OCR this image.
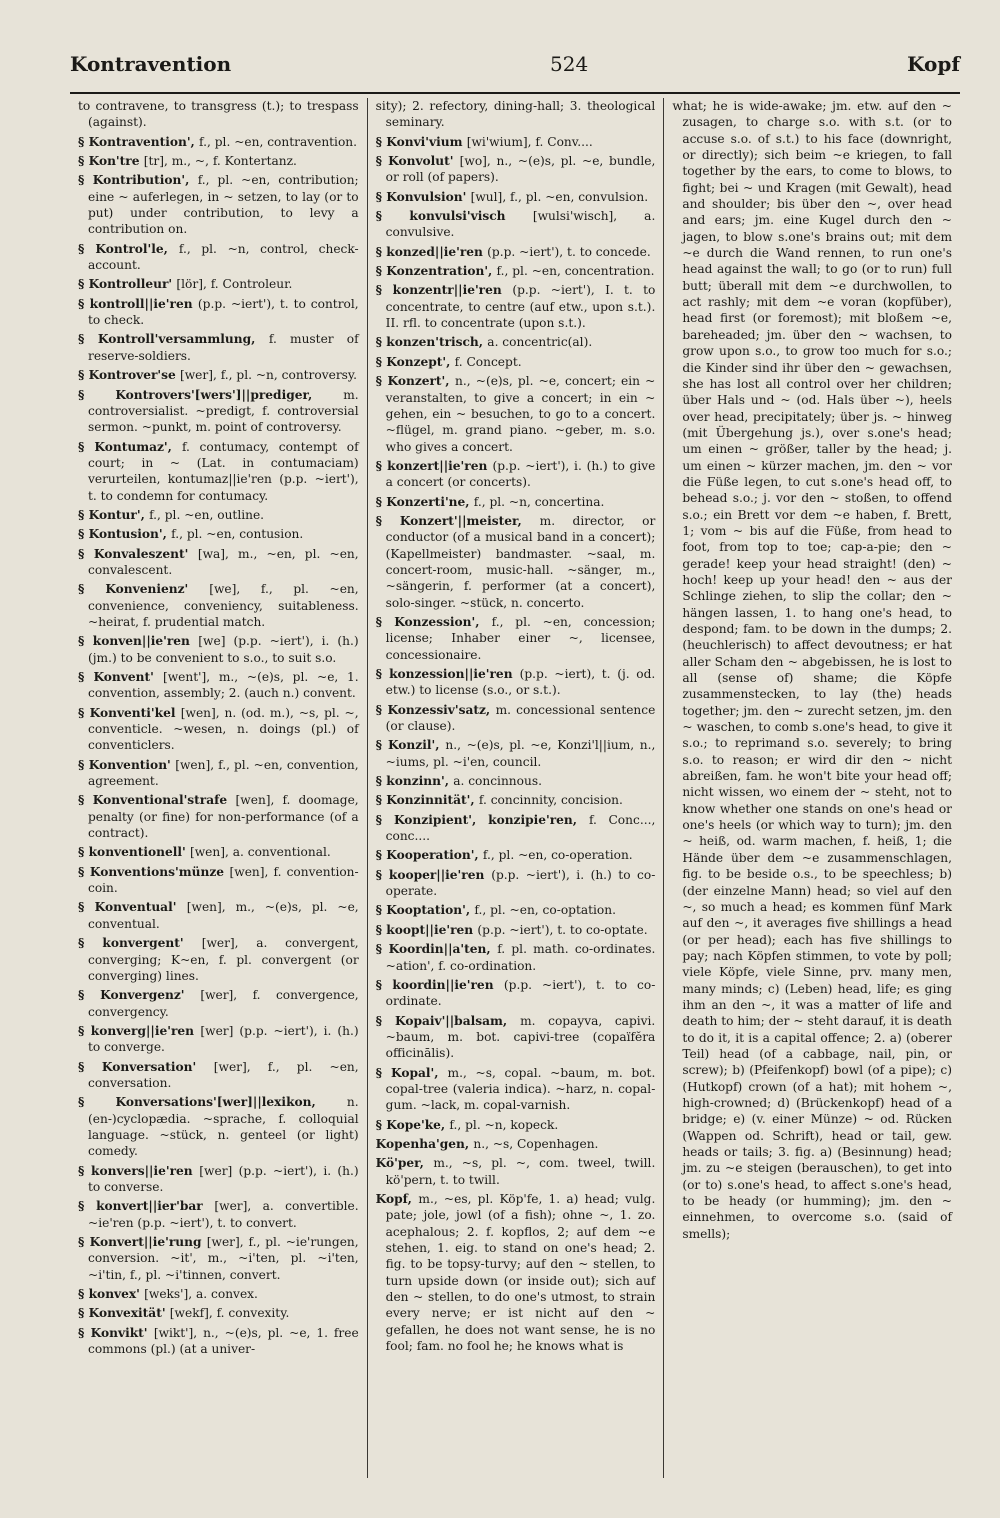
Kontravention	524	Kopf

to contravene, to transgress (t.); to trespass (against).

§ Kontravention', f., pl. ~en, contravention.

§ Kon'tre [tr], m., ~, f. Kontertanz.

§ Kontribution', f., pl. ~en, contribution; eine ~ auferlegen, in ~ setzen, to lay (or to put) under contribution, to levy a contribution on.

§ Kontrol'le, f., pl. ~n, control, check-account.

§ Kontrolleur' [lör], f. Controleur.

§ kontroll||ie'ren (p.p. ~iert'), t. to control, to check.

§ Kontroll'versammlung, f. muster of reserve-soldiers.

§ Kontrover'se [wer], f., pl. ~n, controversy.

§ Kontrovers'[wers']||prediger, m. controversialist. ~predigt, f. controversial sermon. ~punkt, m. point of controversy.

§ Kontumaz', f. contumacy, contempt of court; in ~ (Lat. in contumaciam) verurteilen, kontumaz||ie'ren (p.p. ~iert'), t. to condemn for contumacy.

§ Kontur', f., pl. ~en, outline.

§ Kontusion', f., pl. ~en, contusion.

§ Konvaleszent' [wa], m., ~en, pl. ~en, convalescent.

§ Konvenienz' [we], f., pl. ~en, convenience, conveniency, suitableness. ~heirat, f. prudential match.

§ konven||ie'ren [we] (p.p. ~iert'), i. (h.) (jm.) to be convenient to s.o., to suit s.o.

§ Konvent' [went'], m., ~(e)s, pl. ~e, 1. convention, assembly; 2. (auch n.) convent.

§ Konventi'kel [wen], n. (od. m.), ~s, pl. ~, conventicle. ~wesen, n. doings (pl.) of conventiclers.

§ Konvention' [wen], f., pl. ~en, convention, agreement.

§ Konventional'strafe [wen], f. doomage, penalty (or fine) for non-performance (of a contract).

§ konventionell' [wen], a. conventional.

§ Konventions'münze [wen], f. convention-coin.

§ Konventual' [wen], m., ~(e)s, pl. ~e, conventual.

§ konvergent' [wer], a. convergent, converging; K~en, f. pl. convergent (or converging) lines.

§ Konvergenz' [wer], f. convergence, convergency.

§ konverg||ie'ren [wer] (p.p. ~iert'), i. (h.) to converge.

§ Konversation' [wer], f., pl. ~en, conversation.

§ Konversations'[wer]||lexikon, n. (en-)cyclopædia. ~sprache, f. colloquial language. ~stück, n. genteel (or light) comedy.

§ konvers||ie'ren [wer] (p.p. ~iert'), i. (h.) to converse.

§ konvert||ier'bar [wer], a. convertible. ~ie'ren (p.p. ~iert'), t. to convert.

§ Konvert||ie'rung [wer], f., pl. ~ie'rungen, conversion. ~it', m., ~i'ten, pl. ~i'ten, ~i'tin, f., pl. ~i'tinnen, convert.

§ konvex' [weks'], a. convex.

§ Konvexität' [wekf], f. convexity.

§ Konvikt' [wikt'], n., ~(e)s, pl. ~e, 1. free commons (pl.) (at a univer-

sity); 2. refectory, dining-hall; 3. theological seminary.

§ Konvi'vium [wi'wium], f. Conv....

§ Konvolut' [wo], n., ~(e)s, pl. ~e, bundle, or roll (of papers).

§ Konvulsion' [wul], f., pl. ~en, convulsion.

§ konvulsi'visch [wulsi'wisch], a. convulsive.

§ konzed||ie'ren (p.p. ~iert'), t. to concede.

§ Konzentration', f., pl. ~en, concentration.

§ konzentr||ie'ren (p.p. ~iert'), I. t. to concentrate, to centre (auf etw., upon s.t.). II. rfl. to concentrate (upon s.t.).

§ konzen'trisch, a. concentric(al).

§ Konzept', f. Concept.

§ Konzert', n., ~(e)s, pl. ~e, concert; ein ~ veranstalten, to give a concert; in ein ~ gehen, ein ~ besuchen, to go to a concert. ~flügel, m. grand piano. ~geber, m. s.o. who gives a concert.

§ konzert||ie'ren (p.p. ~iert'), i. (h.) to give a concert (or concerts).

§ Konzerti'ne, f., pl. ~n, concertina.

§ Konzert'||meister, m. director, or conductor (of a musical band in a concert); (Kapellmeister) bandmaster. ~saal, m. concert-room, music-hall. ~sänger, m., ~sängerin, f. performer (at a concert), solo-singer. ~stück, n. concerto.

§ Konzession', f., pl. ~en, concession; license; Inhaber einer ~, licensee, concessionaire.

§ konzession||ie'ren (p.p. ~iert), t. (j. od. etw.) to license (s.o., or s.t.).

§ Konzessiv'satz, m. concessional sentence (or clause).

§ Konzil', n., ~(e)s, pl. ~e, Konzi'l||ium, n., ~iums, pl. ~i'en, council.

§ konzinn', a. concinnous.

§ Konzinnität', f. concinnity, concision.

§ Konzipient', konzipie'ren, f. Conc..., conc....

§ Kooperation', f., pl. ~en, co-operation.

§ kooper||ie'ren (p.p. ~iert'), i. (h.) to co-operate.

§ Kooptation', f., pl. ~en, co-optation.

§ koopt||ie'ren (p.p. ~iert'), t. to co-optate.

§ Koordin||a'ten, f. pl. math. co-ordinates. ~ation', f. co-ordination.

§ koordin||ie'ren (p.p. ~iert'), t. to co-ordinate.

§ Kopaiv'||balsam, m. copayva, capivi. ~baum, m. bot. capivi-tree (copaïfĕra officinālis).

§ Kopal', m., ~s, copal. ~baum, m. bot. copal-tree (valeria indica). ~harz, n. copal-gum. ~lack, m. copal-varnish.

§ Kope'ke, f., pl. ~n, kopeck.

Kopenha'gen, n., ~s, Copenhagen.

Kö'per, m., ~s, pl. ~, com. tweel, twill. kö'pern, t. to twill.

Kopf, m., ~es, pl. Köp'fe, 1. a) head; vulg. pate; jole, jowl (of a fish); ohne ~, 1. zo. acephalous; 2. f. kopflos, 2; auf dem ~e stehen, 1. eig. to stand on one's head; 2. fig. to be topsy-turvy; auf den ~ stellen, to turn upside down (or inside out); sich auf den ~ stellen, to do one's utmost, to strain every nerve; er ist nicht auf den ~ gefallen, he does not want sense, he is no fool; fam. no fool he; he knows what is

what; he is wide-awake; jm. etw. auf den ~ zusagen, to charge s.o. with s.t. (or to accuse s.o. of s.t.) to his face (downright, or directly); sich beim ~e kriegen, to fall together by the ears, to come to blows, to fight; bei ~ und Kragen (mit Gewalt), head and shoulder; bis über den ~, over head and ears; jm. eine Kugel durch den ~ jagen, to blow s.one's brains out; mit dem ~e durch die Wand rennen, to run one's head against the wall; to go (or to run) full butt; überall mit dem ~e durchwollen, to act rashly; mit dem ~e voran (kopfüber), head first (or foremost); mit bloßem ~e, bareheaded; jm. über den ~ wachsen, to grow upon s.o., to grow too much for s.o.; die Kinder sind ihr über den ~ gewachsen, she has lost all control over her children; über Hals und ~ (od. Hals über ~), heels over head, precipitately; über js. ~ hinweg (mit Übergehung js.), over s.one's head; um einen ~ größer, taller by the head; j. um einen ~ kürzer machen, jm. den ~ vor die Füße legen, to cut s.one's head off, to behead s.o.; j. vor den ~ stoßen, to offend s.o.; ein Brett vor dem ~e haben, f. Brett, 1; vom ~ bis auf die Füße, from head to foot, from top to toe; cap-a-pie; den ~ gerade! keep your head straight! (den) ~ hoch! keep up your head! den ~ aus der Schlinge ziehen, to slip the collar; den ~ hängen lassen, 1. to hang one's head, to despond; fam. to be down in the dumps; 2. (heuchlerisch) to affect devoutness; er hat aller Scham den ~ abgebissen, he is lost to all (sense of) shame; die Köpfe zusammenstecken, to lay (the) heads together; jm. den ~ zurecht setzen, jm. den ~ waschen, to comb s.one's head, to give it s.o.; to reprimand s.o. severely; to bring s.o. to reason; er wird dir den ~ nicht abreißen, fam. he won't bite your head off; nicht wissen, wo einem der ~ steht, not to know whether one stands on one's head or one's heels (or which way to turn); jm. den ~ heiß, od. warm machen, f. heiß, 1; die Hände über dem ~e zusammenschlagen, fig. to be beside o.s., to be speechless; b) (der einzelne Mann) head; so viel auf den ~, so much a head; es kommen fünf Mark auf den ~, it averages five shillings a head (or per head); each has five shillings to pay; nach Köpfen stimmen, to vote by poll; viele Köpfe, viele Sinne, prv. many men, many minds; c) (Leben) head, life; es ging ihm an den ~, it was a matter of life and death to him; der ~ steht darauf, it is death to do it, it is a capital offence; 2. a) (oberer Teil) head (of a cabbage, nail, pin, or screw); b) (Pfeifenkopf) bowl (of a pipe); c) (Hutkopf) crown (of a hat); mit hohem ~, high-crowned; d) (Brückenkopf) head of a bridge; e) (v. einer Münze) ~ od. Rücken (Wappen od. Schrift), head or tail, gew. heads or tails; 3. fig. a) (Besinnung) head; jm. zu ~e steigen (berauschen), to get into (or to) s.one's head, to affect s.one's head, to be heady (or humming); jm. den ~ einnehmen, to overcome s.o. (said of smells);
